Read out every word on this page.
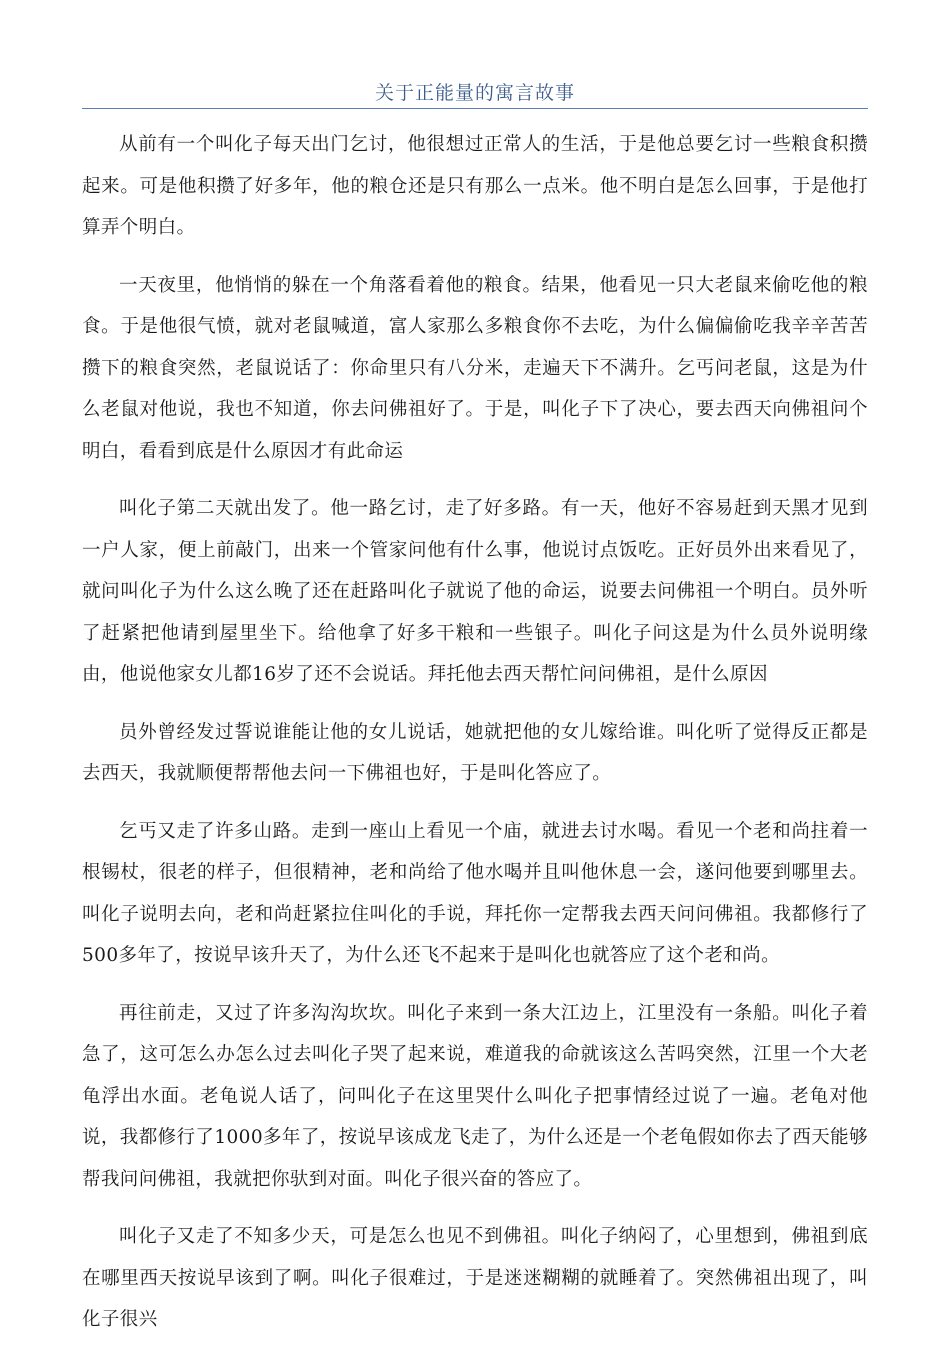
关于正能量的寓言故事

从前有一个叫化子每天出门乞讨，他很想过正常人的生活，于是他总要乞讨一些粮食积攒起来。可是他积攒了好多年，他的粮仓还是只有那么一点米。他不明白是怎么回事，于是他打算弄个明白。

一天夜里，他悄悄的躲在一个角落看着他的粮食。结果，他看见一只大老鼠来偷吃他的粮食。于是他很气愤，就对老鼠喊道，富人家那么多粮食你不去吃，为什么偏偏偷吃我辛辛苦苦攒下的粮食突然，老鼠说话了：你命里只有八分米，走遍天下不满升。乞丐问老鼠，这是为什么老鼠对他说，我也不知道，你去问佛祖好了。于是，叫化子下了决心，要去西天向佛祖问个明白，看看到底是什么原因才有此命运

叫化子第二天就出发了。他一路乞讨，走了好多路。有一天，他好不容易赶到天黑才见到一户人家，便上前敲门，出来一个管家问他有什么事，他说讨点饭吃。正好员外出来看见了，就问叫化子为什么这么晚了还在赶路叫化子就说了他的命运，说要去问佛祖一个明白。员外听了赶紧把他请到屋里坐下。给他拿了好多干粮和一些银子。叫化子问这是为什么员外说明缘由，他说他家女儿都16岁了还不会说话。拜托他去西天帮忙问问佛祖，是什么原因

员外曾经发过誓说谁能让他的女儿说话，她就把他的女儿嫁给谁。叫化听了觉得反正都是去西天，我就顺便帮帮他去问一下佛祖也好，于是叫化答应了。

乞丐又走了许多山路。走到一座山上看见一个庙，就进去讨水喝。看见一个老和尚拄着一根锡杖，很老的样子，但很精神，老和尚给了他水喝并且叫他休息一会，遂问他要到哪里去。叫化子说明去向，老和尚赶紧拉住叫化的手说，拜托你一定帮我去西天问问佛祖。我都修行了500多年了，按说早该升天了，为什么还飞不起来于是叫化也就答应了这个老和尚。

再往前走，又过了许多沟沟坎坎。叫化子来到一条大江边上，江里没有一条船。叫化子着急了，这可怎么办怎么过去叫化子哭了起来说，难道我的命就该这么苦吗突然，江里一个大老龟浮出水面。老龟说人话了，问叫化子在这里哭什么叫化子把事情经过说了一遍。老龟对他说，我都修行了1000多年了，按说早该成龙飞走了，为什么还是一个老龟假如你去了西天能够帮我问问佛祖，我就把你驮到对面。叫化子很兴奋的答应了。

叫化子又走了不知多少天，可是怎么也见不到佛祖。叫化子纳闷了，心里想到，佛祖到底在哪里西天按说早该到了啊。叫化子很难过，于是迷迷糊糊的就睡着了。突然佛祖出现了，叫化子很兴
